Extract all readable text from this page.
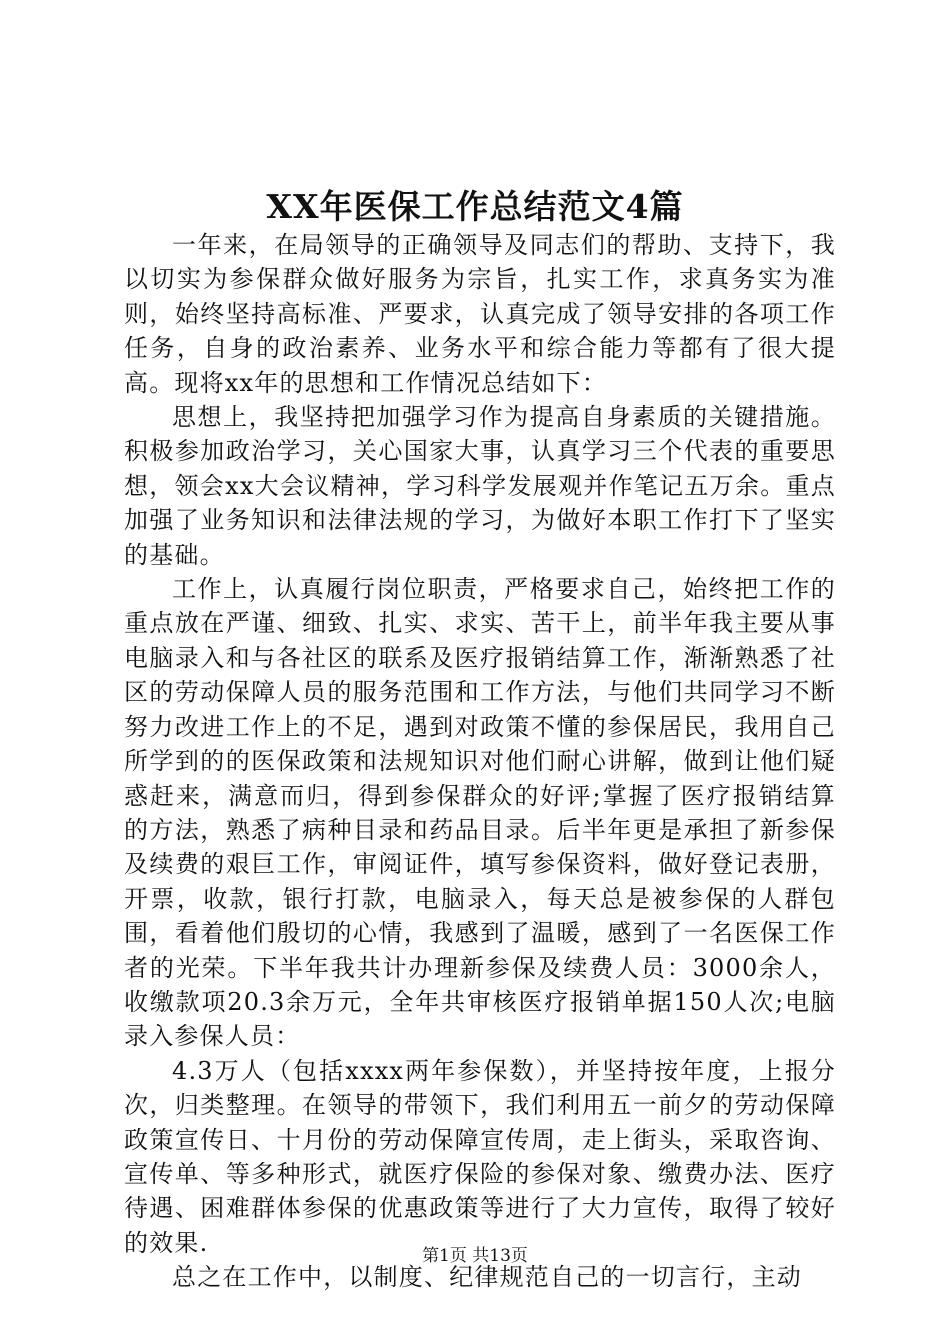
XX年医保工作总结范文4篇

一年来，在局领导的正确领导及同志们的帮助、支持下，我以切实为参保群众做好服务为宗旨，扎实工作，求真务实为准则，始终坚持高标准、严要求，认真完成了领导安排的各项工作任务，自身的政治素养、业务水平和综合能力等都有了很大提高。现将xx年的思想和工作情况总结如下：

思想上，我坚持把加强学习作为提高自身素质的关键措施。积极参加政治学习，关心国家大事，认真学习三个代表的重要思想，领会xx大会议精神，学习科学发展观并作笔记五万余。重点加强了业务知识和法律法规的学习，为做好本职工作打下了坚实的基础。

工作上，认真履行岗位职责，严格要求自己，始终把工作的重点放在严谨、细致、扎实、求实、苦干上，前半年我主要从事电脑录入和与各社区的联系及医疗报销结算工作，渐渐熟悉了社区的劳动保障人员的服务范围和工作方法，与他们共同学习不断努力改进工作上的不足，遇到对政策不懂的参保居民，我用自己所学到的的医保政策和法规知识对他们耐心讲解，做到让他们疑惑赶来，满意而归，得到参保群众的好评;掌握了医疗报销结算的方法，熟悉了病种目录和药品目录。后半年更是承担了新参保及续费的艰巨工作，审阅证件，填写参保资料，做好登记表册，开票，收款，银行打款，电脑录入，每天总是被参保的人群包围，看着他们殷切的心情，我感到了温暖，感到了一名医保工作者的光荣。下半年我共计办理新参保及续费人员：3000余人，收缴款项20.3余万元，全年共审核医疗报销单据150人次;电脑录入参保人员：

4.3万人（包括xxxx两年参保数），并坚持按年度，上报分次，归类整理。在领导的带领下，我们利用五一前夕的劳动保障政策宣传日、十月份的劳动保障宣传周，走上街头，采取咨询、宣传单、等多种形式，就医疗保险的参保对象、缴费办法、医疗待遇、困难群体参保的优惠政策等进行了大力宣传，取得了较好的效果.

总之在工作中，以制度、纪律规范自己的一切言行，主动

第1页 共13页
